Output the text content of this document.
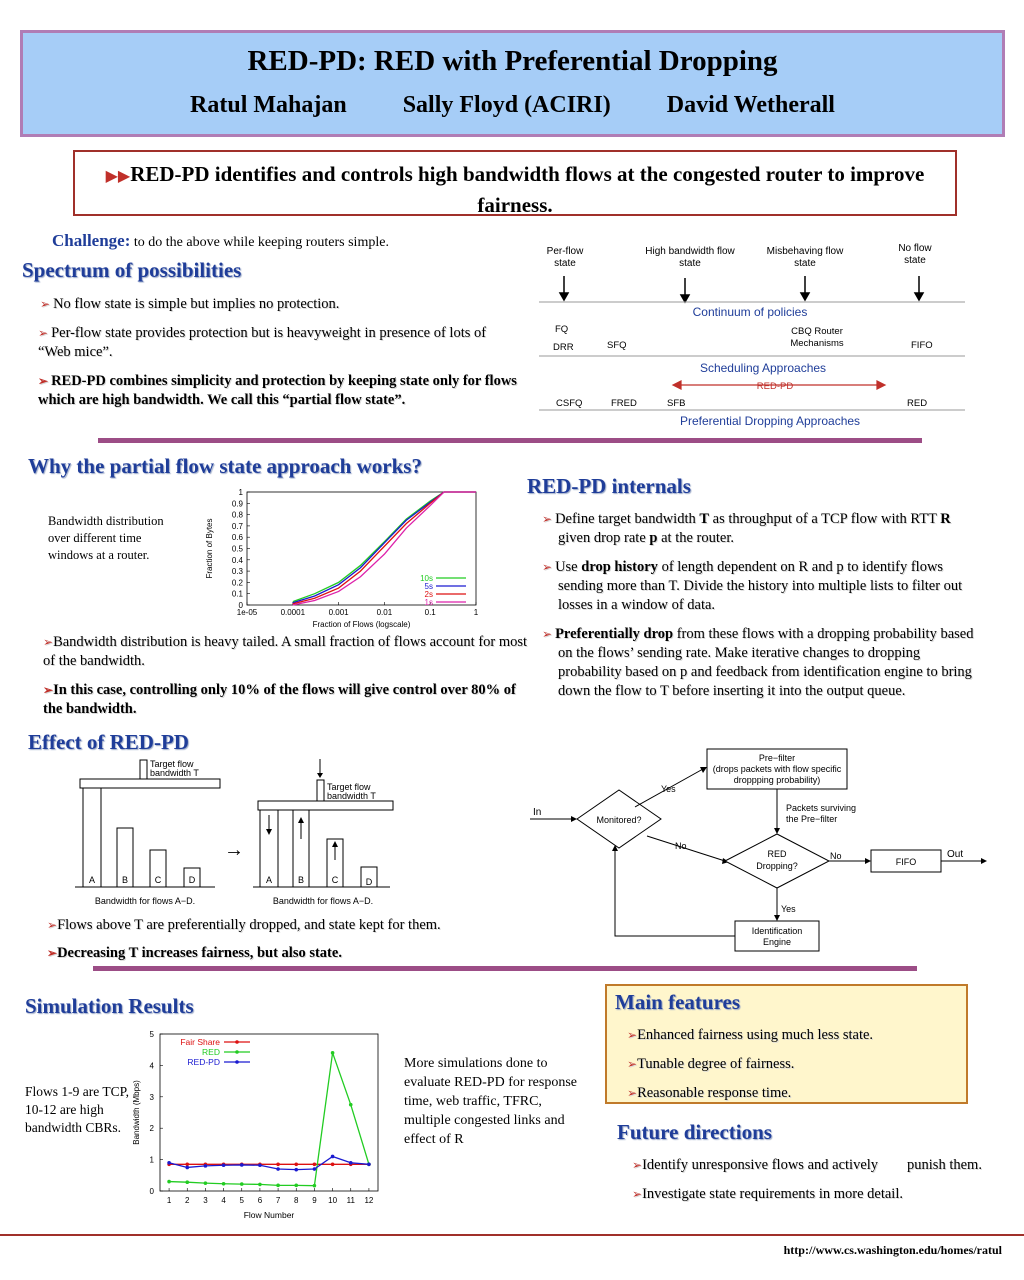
RED-PD: RED with Preferential Dropping
Ratul Mahajan Sally Floyd (ACIRI) David Wetherall
▶▶RED-PD identifies and controls high bandwidth flows at the congested router to improve fairness.
Challenge: to do the above while keeping routers simple.
Spectrum of possibilities
➢ No flow state is simple but implies no protection.
➢ Per-flow state provides protection but is heavyweight in presence of lots of “Web mice”.
➢ RED-PD combines simplicity and protection by keeping state only for flows which are high bandwidth. We call this “partial flow state”.
Per-flow state
High bandwidth flow state
Misbehaving flow state
No flow state
Continuum of policies
FQ
DRR	SFQ
CBQ Router Mechanisms	FIFO
Scheduling Approaches
RED-PD
CSFQ	FRED	SFB	RED
Preferential Dropping Approaches
Why the partial flow state approach works?
Bandwidth distribution over different time windows at a router.
0
0.1
0.2
0.3
0.4
0.5
0.6
0.7
0.8
0.9
1
1e-05	0.0001	0.001	0.01	0.1	1
Fraction of Flows (logscale)
Fraction of Bytes	10s
5s
2s
1s
➢Bandwidth distribution is heavy tailed. A small fraction of flows account for most of the bandwidth.
➢In this case, controlling only 10% of the flows will give control over 80% of the bandwidth.
RED-PD internals
➢ Define target bandwidth T as throughput of a TCP flow with RTT R given drop rate p at the router.
➢ Use drop history of length dependent on R and p to identify flows sending more than T. Divide the history into multiple lists to filter out losses in a window of data.
➢ Preferentially drop from these flows with a dropping probability based on the flows’ sending rate. Make iterative changes to dropping probability based on p and feedback from identification engine to bring down the flow to T before inserting it into the output queue.
Effect of RED-PD
Target flow
bandwidth T
A	B	C	D
Bandwidth for flows A−D.
→
Target flow
bandwidth T
A	B	C	D
Bandwidth for flows A−D.
➢Flows above T are preferentially dropped, and state kept for them.
➢Decreasing T increases fairness, but also state.
In
Monitored?
Yes
Pre−filter
(drops packets with flow specific
droppping probability)
Packets surviving
the Pre−filter
No
RED
Dropping?
No
FIFO
Out
Yes
Identification
Engine
Simulation Results
Flows 1-9 are TCP, 10-12 are high bandwidth CBRs.
0
1
2
3
4
5
1 2 3 4 5 6 7 8 9 10 11 12
Flow Number
Bandwidth (Mbps)
Fair Share
RED
RED-PD	More simulations done to evaluate RED-PD for response time, web traffic, TFRC, multiple congested links and effect of R
Main features
➢Enhanced fairness using much less state.
➢Tunable degree of fairness.
➢Reasonable response time.
Future directions
➢Identify unresponsive flows and actively        punish them.
➢Investigate state requirements in more detail.
http://www.cs.washington.edu/homes/ratul
